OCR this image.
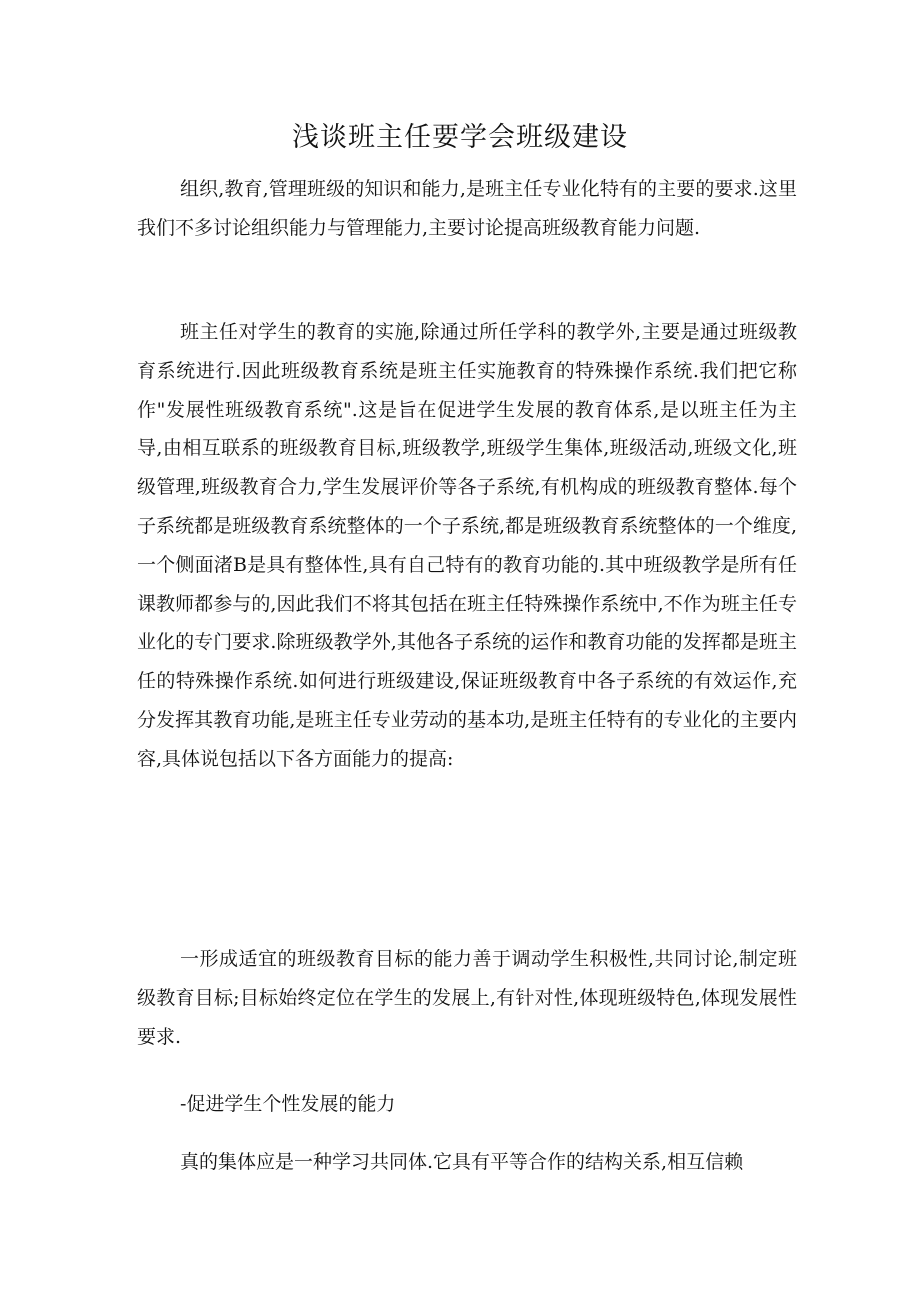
浅谈班主任要学会班级建设

组织,教育,管理班级的知识和能力,是班主任专业化特有的主要的要求.这里我们不多讨论组织能力与管理能力,主要讨论提高班级教育能力问题.

班主任对学生的教育的实施,除通过所任学科的教学外,主要是通过班级教育系统进行.因此班级教育系统是班主任实施教育的特殊操作系统.我们把它称作"发展性班级教育系统".这是旨在促进学生发展的教育体系,是以班主任为主导,由相互联系的班级教育目标,班级教学,班级学生集体,班级活动,班级文化,班级管理,班级教育合力,学生发展评价等各子系统,有机构成的班级教育整体.每个子系统都是班级教育系统整体的一个子系统,都是班级教育系统整体的一个维度,一个侧面渚B是具有整体性,具有自己特有的教育功能的.其中班级教学是所有任课教师都参与的,因此我们不将其包括在班主任特殊操作系统中,不作为班主任专业化的专门要求.除班级教学外,其他各子系统的运作和教育功能的发挥都是班主任的特殊操作系统.如何进行班级建设,保证班级教育中各子系统的有效运作,充分发挥其教育功能,是班主任专业劳动的基本功,是班主任特有的专业化的主要内容,具体说包括以下各方面能力的提高:

一形成适宜的班级教育目标的能力善于调动学生积极性,共同讨论,制定班级教育目标;目标始终定位在学生的发展上,有针对性,体现班级特色,体现发展性要求.

-促进学生个性发展的能力

真的集体应是一种学习共同体.它具有平等合作的结构关系,相互信赖
